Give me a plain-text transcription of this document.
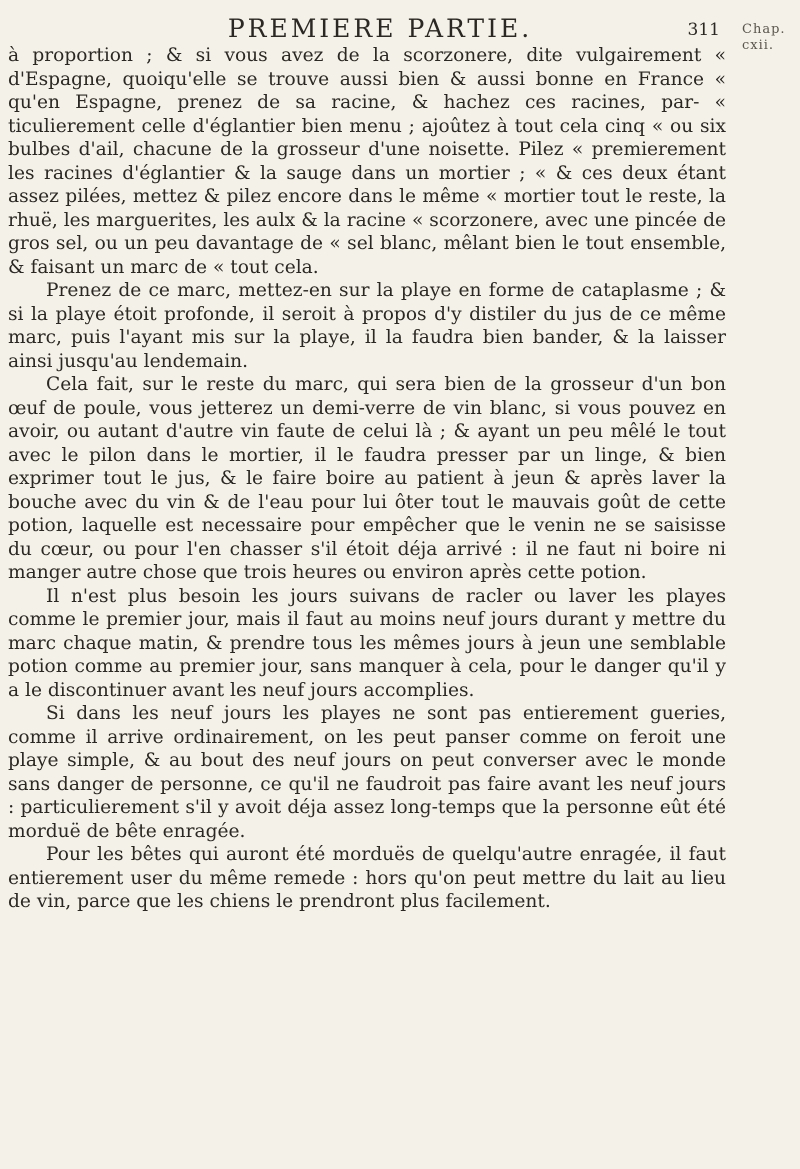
PREMIERE PARTIE.	311 Chap.
cxii.

à proportion ; & si vous avez de la scorzonere, dite vulgairement « d'Espagne, quoiqu'elle se trouve aussi bien & aussi bonne en France « qu'en Espagne, prenez de sa racine, & hachez ces racines, par- « ticulierement celle d'églantier bien menu ; ajoûtez à tout cela cinq « ou six bulbes d'ail, chacune de la grosseur d'une noisette. Pilez « premierement les racines d'églantier & la sauge dans un mortier ; « & ces deux étant assez pilées, mettez & pilez encore dans le même « mortier tout le reste, la rhuë, les marguerites, les aulx & la racine « scorzonere, avec une pincée de gros sel, ou un peu davantage de « sel blanc, mêlant bien le tout ensemble, & faisant un marc de « tout cela.

Prenez de ce marc, mettez-en sur la playe en forme de cataplasme ; & si la playe étoit profonde, il seroit à propos d'y distiler du jus de ce même marc, puis l'ayant mis sur la playe, il la faudra bien bander, & la laisser ainsi jusqu'au lendemain.

Cela fait, sur le reste du marc, qui sera bien de la grosseur d'un bon œuf de poule, vous jetterez un demi-verre de vin blanc, si vous pouvez en avoir, ou autant d'autre vin faute de celui là ; & ayant un peu mêlé le tout avec le pilon dans le mortier, il le faudra presser par un linge, & bien exprimer tout le jus, & le faire boire au patient à jeun & après laver la bouche avec du vin & de l'eau pour lui ôter tout le mauvais goût de cette potion, laquelle est necessaire pour empêcher que le venin ne se saisisse du cœur, ou pour l'en chasser s'il étoit déja arrivé : il ne faut ni boire ni manger autre chose que trois heures ou environ après cette potion.

Il n'est plus besoin les jours suivans de racler ou laver les playes comme le premier jour, mais il faut au moins neuf jours durant y mettre du marc chaque matin, & prendre tous les mêmes jours à jeun une semblable potion comme au premier jour, sans manquer à cela, pour le danger qu'il y a le discontinuer avant les neuf jours accomplies.

Si dans les neuf jours les playes ne sont pas entierement gueries, comme il arrive ordinairement, on les peut panser comme on feroit une playe simple, & au bout des neuf jours on peut converser avec le monde sans danger de personne, ce qu'il ne faudroit pas faire avant les neuf jours : particulierement s'il y avoit déja assez long-temps que la personne eût été morduë de bête enragée.

Pour les bêtes qui auront été morduës de quelqu'autre enragée, il faut entierement user du même remede : hors qu'on peut mettre du lait au lieu de vin, parce que les chiens le prendront plus facilement.
